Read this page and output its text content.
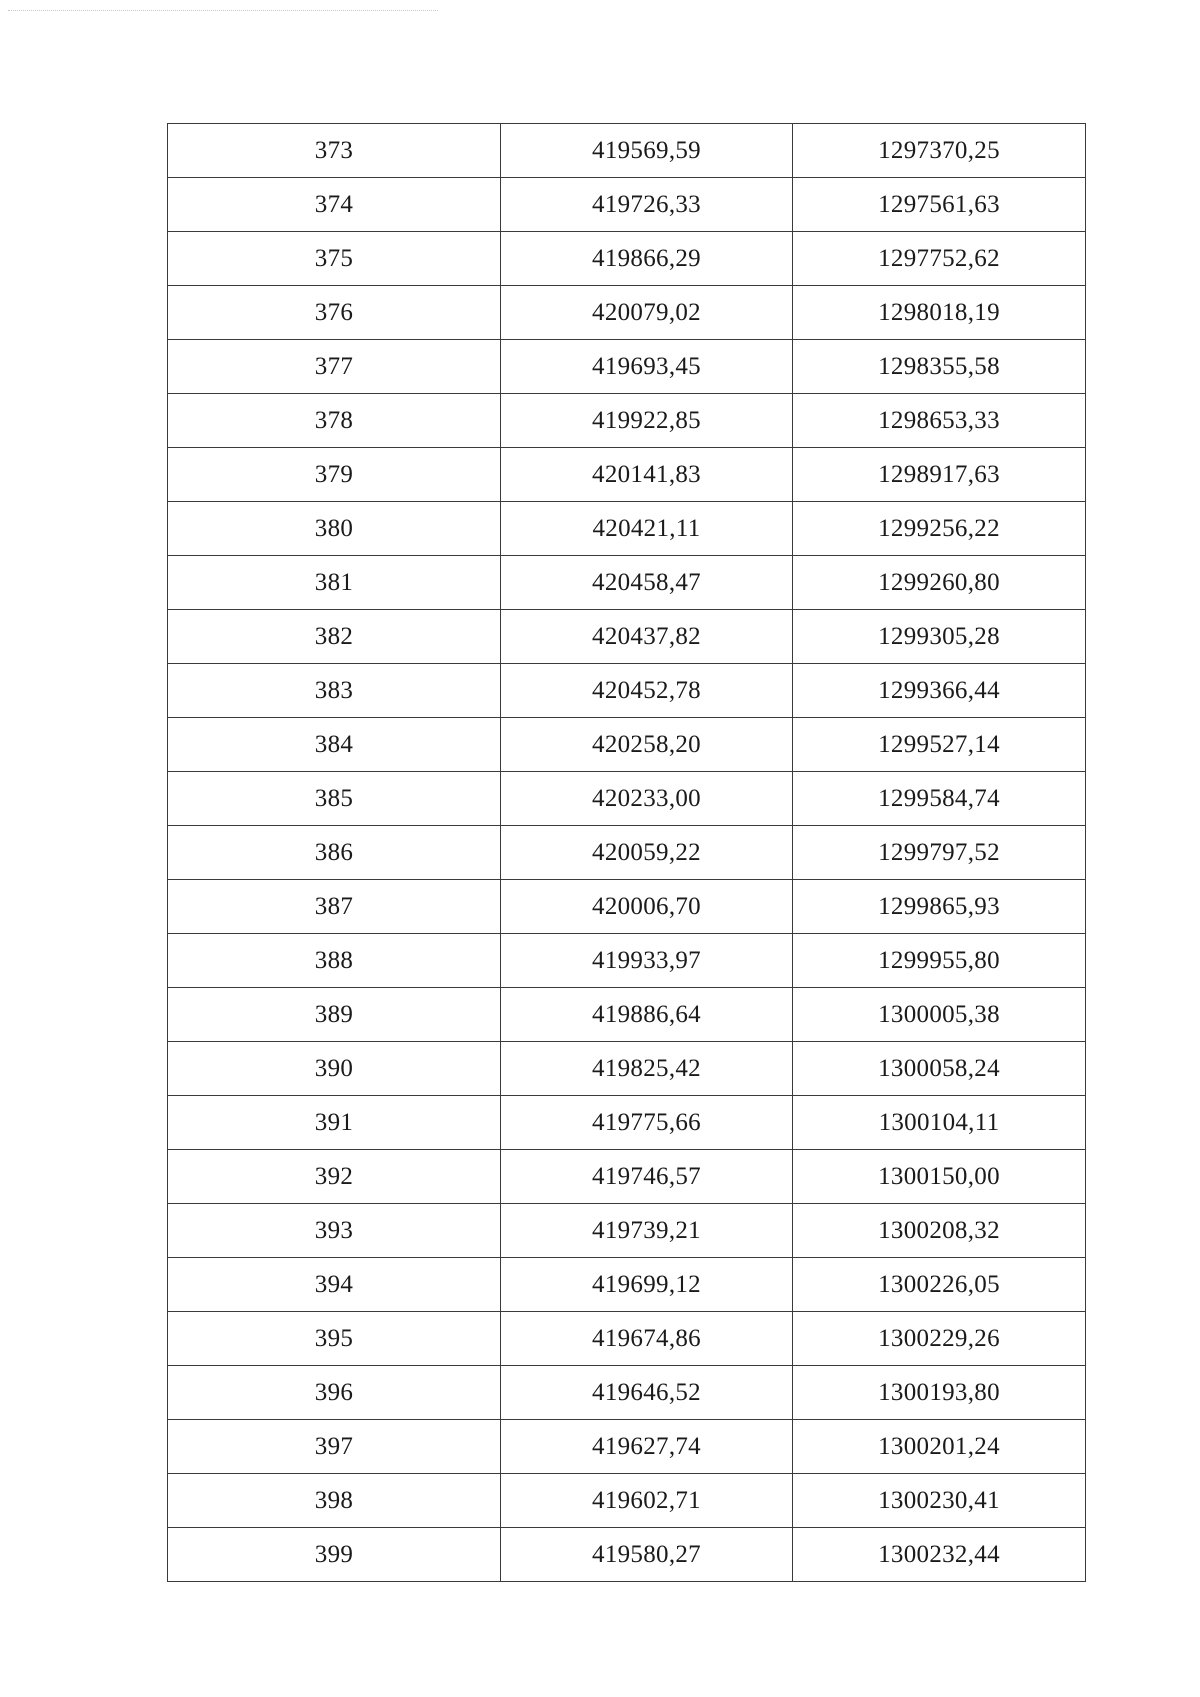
373	419569,59	1297370,25
374	419726,33	1297561,63
375	419866,29	1297752,62
376	420079,02	1298018,19
377	419693,45	1298355,58
378	419922,85	1298653,33
379	420141,83	1298917,63
380	420421,11	1299256,22
381	420458,47	1299260,80
382	420437,82	1299305,28
383	420452,78	1299366,44
384	420258,20	1299527,14
385	420233,00	1299584,74
386	420059,22	1299797,52
387	420006,70	1299865,93
388	419933,97	1299955,80
389	419886,64	1300005,38
390	419825,42	1300058,24
391	419775,66	1300104,11
392	419746,57	1300150,00
393	419739,21	1300208,32
394	419699,12	1300226,05
395	419674,86	1300229,26
396	419646,52	1300193,80
397	419627,74	1300201,24
398	419602,71	1300230,41
399	419580,27	1300232,44
